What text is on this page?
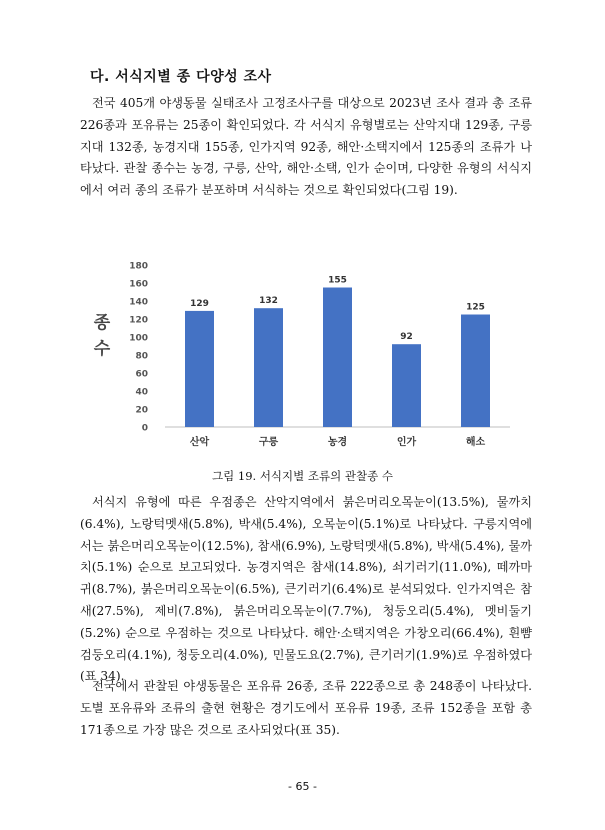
다. 서식지별 종 다양성 조사

전국 405개 야생동물 실태조사 고정조사구를 대상으로 2023년 조사 결과 총 조류 226종과 포유류는 25종이 확인되었다. 각 서식지 유형별로는 산악지대 129종, 구릉지대 132종, 농경지대 155종, 인가지역 92종, 해안·소택지에서 125종의 조류가 나타났다. 관찰 종수는 농경, 구릉, 산악, 해안·소택, 인가 순이며, 다양한 유형의 서식지에서 여러 종의 조류가 분포하며 서식하는 것으로 확인되었다(그림 19).

종
수
0
20
40
60
80
100
120
140
160
180
129	132
155
92
125
산악	구릉	농경	인가	해소
그림 19. 서식지별 조류의 관찰종 수

서식지 유형에 따른 우점종은 산악지역에서 붉은머리오목눈이(13.5%), 물까치(6.4%), 노랑턱멧새(5.8%), 박새(5.4%), 오목눈이(5.1%)로 나타났다. 구릉지역에서는 붉은머리오목눈이(12.5%), 참새(6.9%), 노랑턱멧새(5.8%), 박새(5.4%), 물까치(5.1%) 순으로 보고되었다. 농경지역은 참새(14.8%), 쇠기러기(11.0%), 떼까마귀(8.7%), 붉은머리오목눈이(6.5%), 큰기러기(6.4%)로 분석되었다. 인가지역은 참새(27.5%), 제비(7.8%), 붉은머리오목눈이(7.7%), 청둥오리(5.4%), 멧비둘기(5.2%) 순으로 우점하는 것으로 나타났다. 해안·소택지역은 가창오리(66.4%), 흰뺨검둥오리(4.1%), 청둥오리(4.0%), 민물도요(2.7%), 큰기러기(1.9%)로 우점하였다(표 34).

전국에서 관찰된 야생동물은 포유류 26종, 조류 222종으로 총 248종이 나타났다. 도별 포유류와 조류의 출현 현황은 경기도에서 포유류 19종, 조류 152종을 포함 총 171종으로 가장 많은 것으로 조사되었다(표 35).

- 65 -
